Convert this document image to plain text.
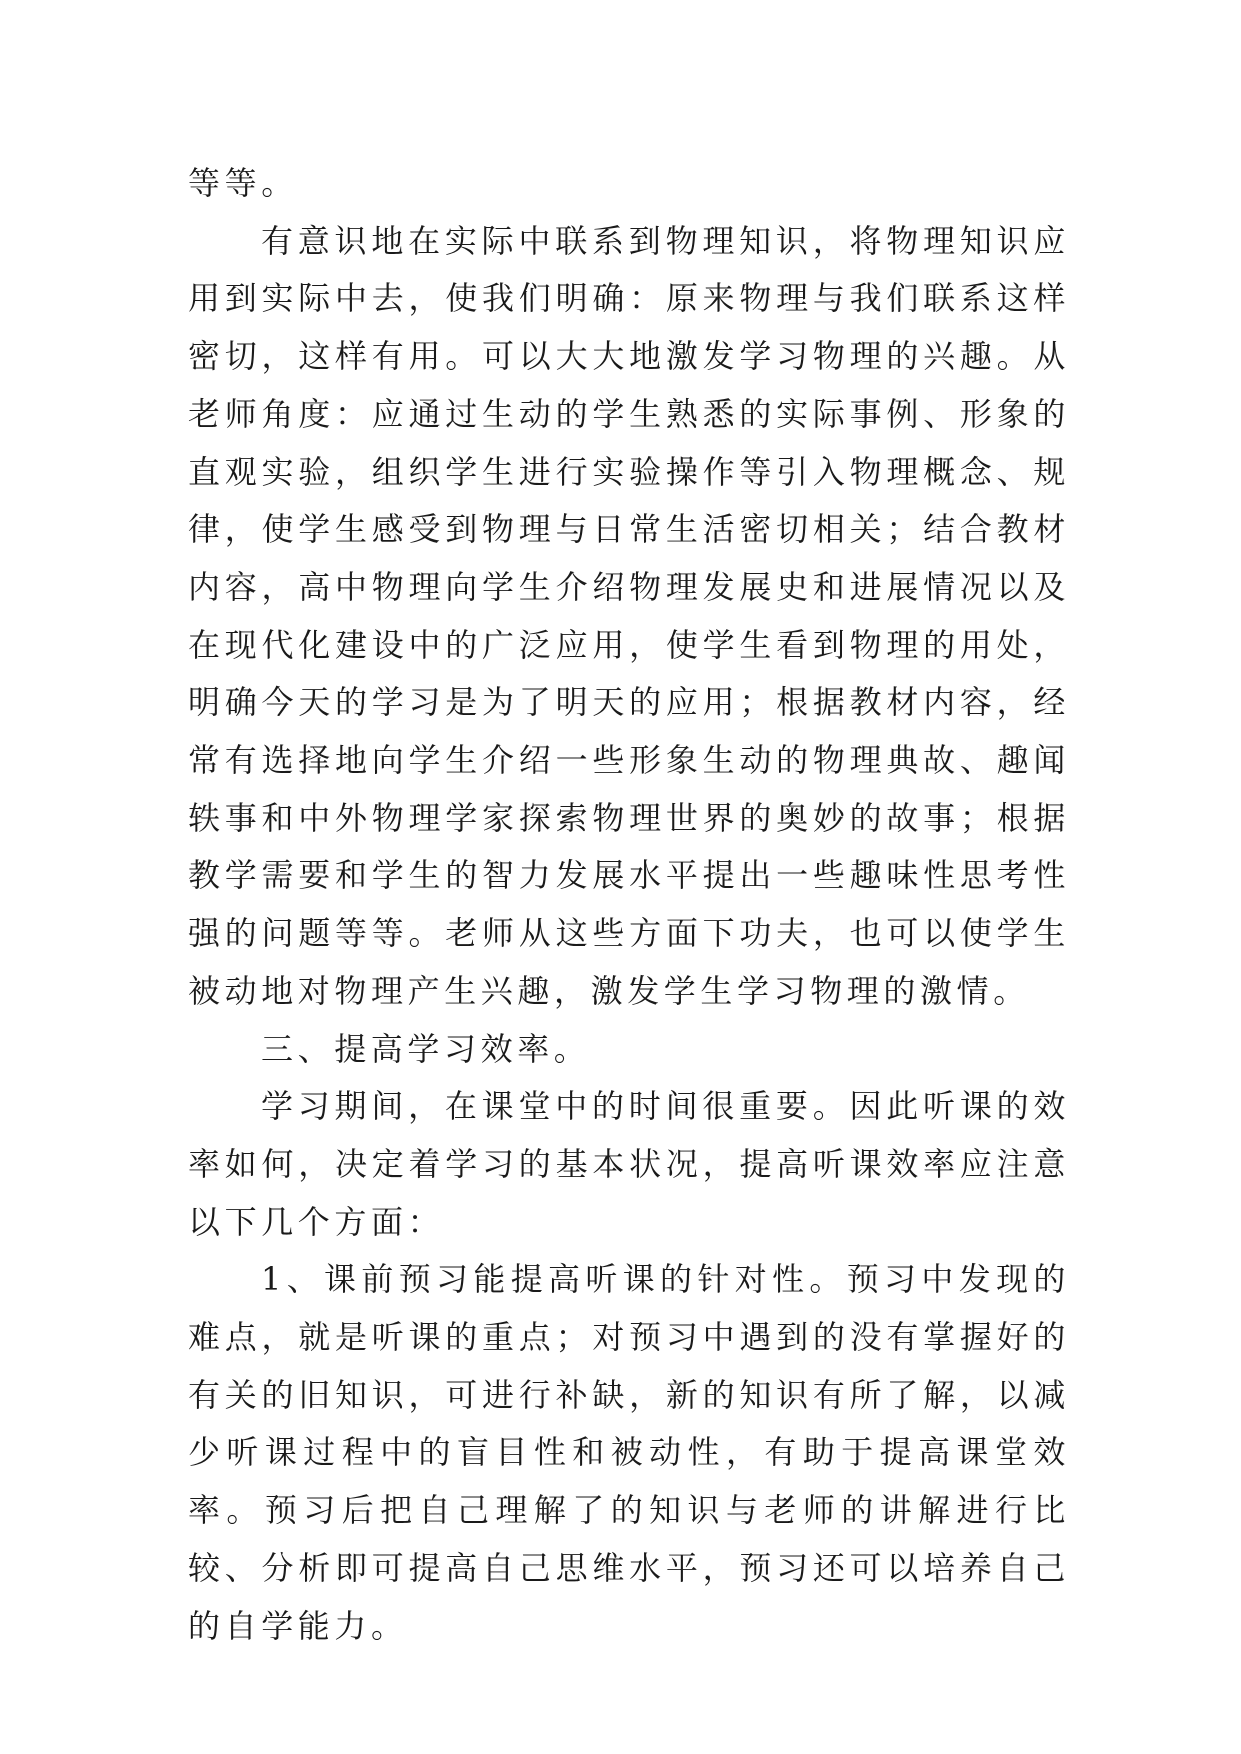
等等。

有意识地在实际中联系到物理知识，将物理知识应用到实际中去，使我们明确：原来物理与我们联系这样密切，这样有用。可以大大地激发学习物理的兴趣。从老师角度：应通过生动的学生熟悉的实际事例、形象的直观实验，组织学生进行实验操作等引入物理概念、规律，使学生感受到物理与日常生活密切相关；结合教材内容，高中物理向学生介绍物理发展史和进展情况以及在现代化建设中的广泛应用，使学生看到物理的用处，明确今天的学习是为了明天的应用；根据教材内容，经常有选择地向学生介绍一些形象生动的物理典故、趣闻轶事和中外物理学家探索物理世界的奥妙的故事；根据教学需要和学生的智力发展水平提出一些趣味性思考性强的问题等等。老师从这些方面下功夫，也可以使学生被动地对物理产生兴趣，激发学生学习物理的激情。

三、提高学习效率。

学习期间，在课堂中的时间很重要。因此听课的效率如何，决定着学习的基本状况，提高听课效率应注意以下几个方面：

1、课前预习能提高听课的针对性。预习中发现的难点，就是听课的重点；对预习中遇到的没有掌握好的有关的旧知识，可进行补缺，新的知识有所了解，以减少听课过程中的盲目性和被动性，有助于提高课堂效率。预习后把自己理解了的知识与老师的讲解进行比较、分析即可提高自己思维水平，预习还可以培养自己的自学能力。
